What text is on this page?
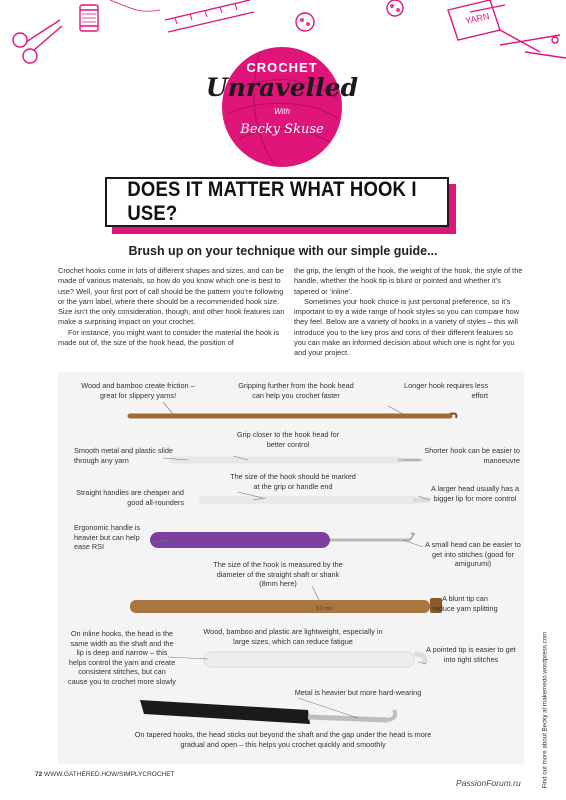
YARN
CROCHET
Unravelled
With
Becky Skuse
DOES IT MATTER WHAT HOOK I USE?
Brush up on your technique with our simple guide...

Crochet hooks come in lots of different shapes and sizes, and can be made of various materials, so how do you know which one is best to use? Well, your first port of call should be the pattern you’re following or the yarn label, where there should be a recommended hook size. Size isn’t the only consideration, though, and other hook features can make a surprising impact on your crochet.

For instance, you might want to consider the material the hook is made out of, the size of the hook head, the position of

the grip, the length of the hook, the weight of the hook, the style of the handle, whether the hook tip is blunt or pointed and whether it’s tapered or ‘inline’.

Sometimes your hook choice is just personal preference, so it’s important to try a wide range of hook styles so you can compare how they feel. Below are a variety of hooks in a variety of styles – this will introduce you to the key pros and cons of their different features so you can make an informed decision about which one is right for you and your project.

8.0 mm
Wood and bamboo create friction – great for slippery yarns!
Gripping further from the hook head can help you crochet faster
Longer hook requires less effort
Grip closer to the hook head for better control
Smooth metal and plastic slide through any yarn
Shorter hook can be easier to manoeuvre
The size of the hook should be marked at the grip or handle end
Straight handles are cheaper and good all-rounders
A larger head usually has a bigger lip for more control
Ergonomic handle is heavier but can help ease RSI	A small head can be easier to get into stitches (good for amigurumi)
The size of the hook is measured by the diameter of the straight shaft or shank (8mm here)
A blunt tip can reduce yarn splitting
On inline hooks, the head is the same width as the shaft and the lip is deep and narrow – this helps control the yarn and create consistent stitches, but can cause you to crochet more slowly
Wood, bamboo and plastic are lightweight, especially in large sizes, which can reduce fatigue
A pointed tip is easier to get into tight stitches
Metal is heavier but more hard-wearing
On tapered hooks, the head sticks out beyond the shaft and the gap under the head is more gradual and open – this helps you crochet quickly and smoothly	Find out more about Becky at makemedo.wordpress.com
72 WWW.GATHERED.HOW/SIMPLYCROCHET
PassionForum.ru
